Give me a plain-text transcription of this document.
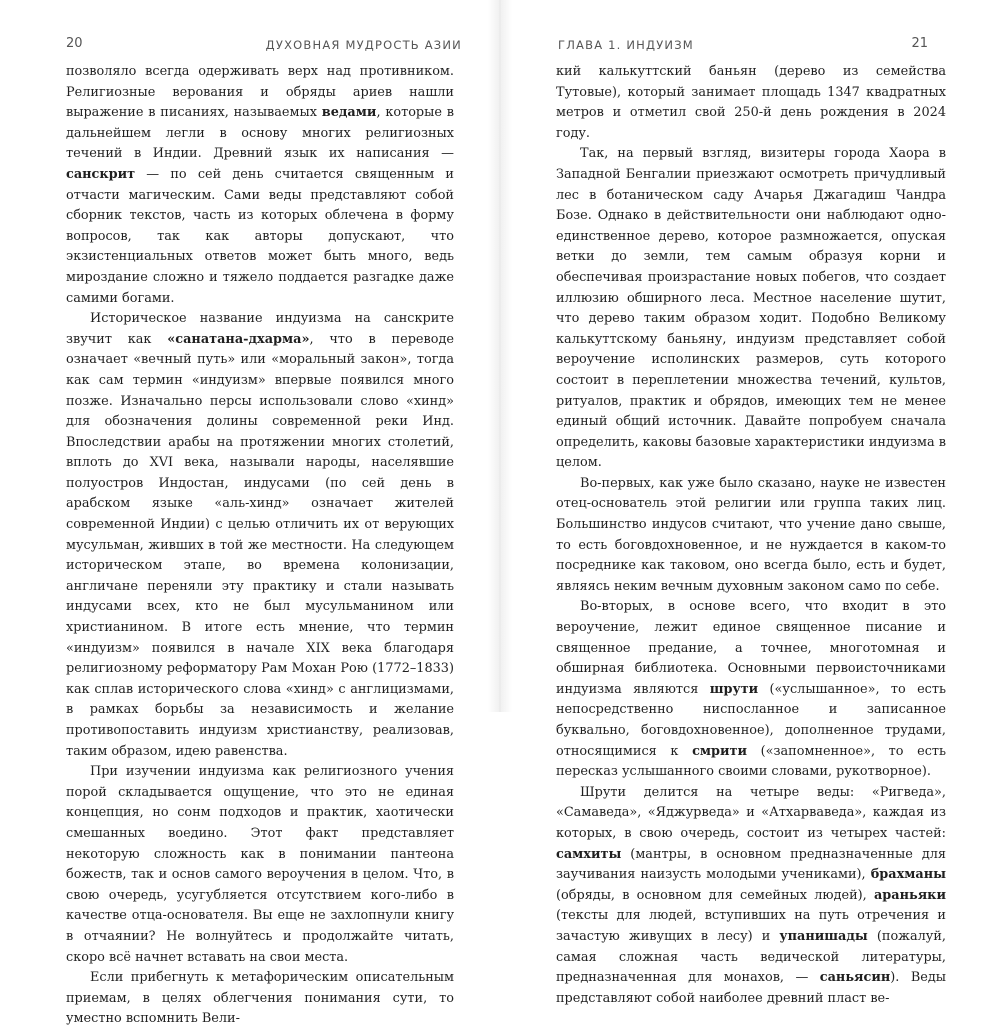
20	ДУХОВНАЯ МУДРОСТЬ АЗИИ

позволяло всегда одерживать верх над противником. Религиозные верования и обряды ариев нашли выражение в писаниях, называемых ведами, которые в дальнейшем легли в основу многих религиозных течений в Индии. Древний язык их написания — санскрит — по сей день считается священным и отчасти магическим. Сами веды представляют собой сборник текстов, часть из которых облечена в форму вопросов, так как авторы допускают, что экзистенциальных ответов может быть много, ведь мироздание сложно и тяжело поддается разгадке даже самими богами.

Историческое название индуизма на санскрите звучит как «санатана-дхарма», что в переводе означает «вечный путь» или «моральный закон», тогда как сам термин «индуизм» впервые появился много позже. Изначально персы использовали слово «хинд» для обозначения долины современной реки Инд. Впоследствии арабы на протяжении многих столетий, вплоть до XVI века, называли народы, населявшие полуостров Индостан, индусами (по сей день в арабском языке «аль-хинд» означает жителей современной Индии) с целью отличить их от верующих мусульман, живших в той же местности. На следующем историческом этапе, во времена колонизации, англичане переняли эту практику и стали называть индусами всех, кто не был мусульманином или христианином. В итоге есть мнение, что термин «индуизм» появился в начале XIX века благодаря религиозному реформатору Рам Мохан Рою (1772–1833) как сплав исторического слова «хинд» с англицизмами, в рамках борьбы за независимость и желание противопоставить индуизм христианству, реализовав, таким образом, идею равенства.

При изучении индуизма как религиозного учения порой складывается ощущение, что это не единая концепция, но сонм подходов и практик, хаотически смешанных воедино. Этот факт представляет некоторую сложность как в понимании пантеона божеств, так и основ самого вероучения в целом. Что, в свою очередь, усугубляется отсутствием кого-либо в качестве отца-основателя. Вы еще не захлопнули книгу в отчаянии? Не волнуйтесь и продолжайте читать, скоро всё начнет вставать на свои места.

Если прибегнуть к метафорическим описательным приемам, в целях облегчения понимания сути, то уместно вспомнить Вели-

ГЛАВА 1. ИНДУИЗМ	21

кий калькуттский баньян (дерево из семейства Тутовые), который занимает площадь 1347 квадратных метров и отметил свой 250-й день рождения в 2024 году.

Так, на первый взгляд, визитеры города Хаора в Западной Бенгалии приезжают осмотреть причудливый лес в ботаническом саду Ачарья Джагадиш Чандра Бозе. Однако в действительности они наблюдают одно-единственное дерево, которое размножается, опуская ветки до земли, тем самым образуя корни и обеспечивая произрастание новых побегов, что создает иллюзию обширного леса. Местное население шутит, что дерево таким образом ходит. Подобно Великому калькуттскому баньяну, индуизм представляет собой вероучение исполинских размеров, суть которого состоит в переплетении множества течений, культов, ритуалов, практик и обрядов, имеющих тем не менее единый общий источник. Давайте попробуем сначала определить, каковы базовые характеристики индуизма в целом.

Во-первых, как уже было сказано, науке не известен отец-основатель этой религии или группа таких лиц. Большинство индусов считают, что учение дано свыше, то есть боговдохновенное, и не нуждается в каком-то посреднике как таковом, оно всегда было, есть и будет, являясь неким вечным духовным законом само по себе.

Во-вторых, в основе всего, что входит в это вероучение, лежит единое священное писание и священное предание, а точнее, многотомная и обширная библиотека. Основными первоисточниками индуизма являются шрути («услышанное», то есть непосредственно ниспосланное и записанное буквально, боговдохновенное), дополненное трудами, относящимися к смрити («запомненное», то есть пересказ услышанного своими словами, рукотворное).

Шрути делится на четыре веды: «Ригведа», «Самаведа», «Яджурведа» и «Атхарваведа», каждая из которых, в свою очередь, состоит из четырех частей: самхиты (мантры, в основном предназначенные для заучивания наизусть молодыми учениками), брахманы (обряды, в основном для семейных людей), араньяки (тексты для людей, вступивших на путь отречения и зачастую живущих в лесу) и упанишады (пожалуй, самая сложная часть ведической литературы, предназначенная для монахов, — саньясин). Веды представляют собой наиболее древний пласт ве-
